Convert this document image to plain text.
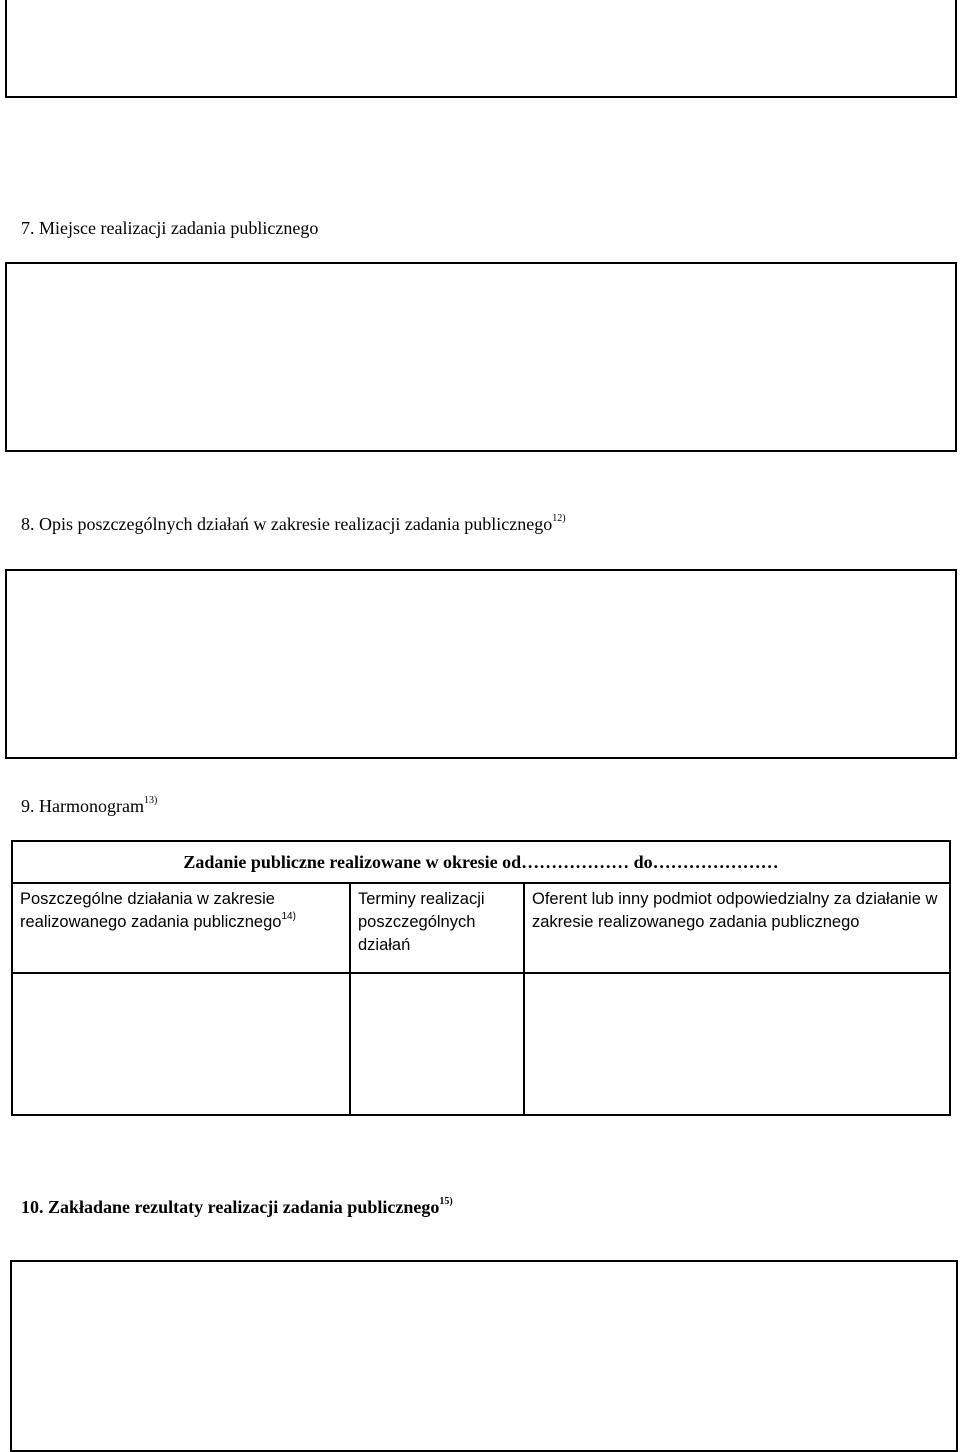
7. Miejsce realizacji zadania publicznego
8. Opis poszczególnych działań w zakresie realizacji zadania publicznego$^{12)}$
9. Harmonogram$^{13)}$
Zadanie publiczne realizowane w okresie od……………… do…………………		
Poszczególne działania w zakresie realizowanego zadania publicznego$^{14)}$	Terminy realizacji poszczególnych działań	Oferent lub inny podmiot odpowiedzialny za działanie w zakresie realizowanego zadania publicznego

10. Zakładane rezultaty realizacji zadania publicznego$^{15)}$
